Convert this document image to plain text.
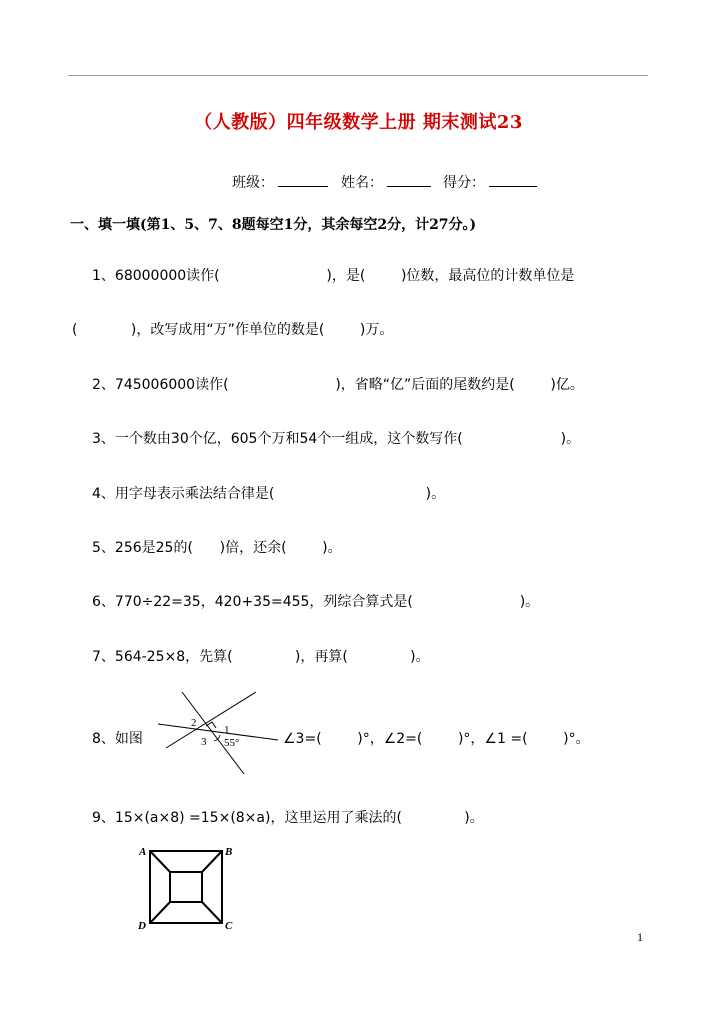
（人教版）四年级数学上册 期末测试23
班级：	姓名：	得分：
一、填一填(第1、5、7、8题每空1分，其余每空2分，计27分。)
1、68000000读作(                        )，是(        )位数，最高位的计数单位是
(            )，改写成用“万”作单位的数是(        )万。
2、745006000读作(                        )，省略“亿”后面的尾数约是(        )亿。
3、一个数由30个亿，605个万和54个一组成，这个数写作(                      )。
4、用字母表示乘法结合律是(                                  )。
5、256是25的(      )倍，还余(        )。
6、770÷22=35，420+35=455，列综合算式是(                        )。
7、564-25×8，先算(              )，再算(              )。
8、如图
1
2
3 55°	∠3=(        )°，∠2=(        )°，∠1 =(        )°。
9、15×(a×8) =15×(8×a)，这里运用了乘法的(              )。
A	B
C
D
1
